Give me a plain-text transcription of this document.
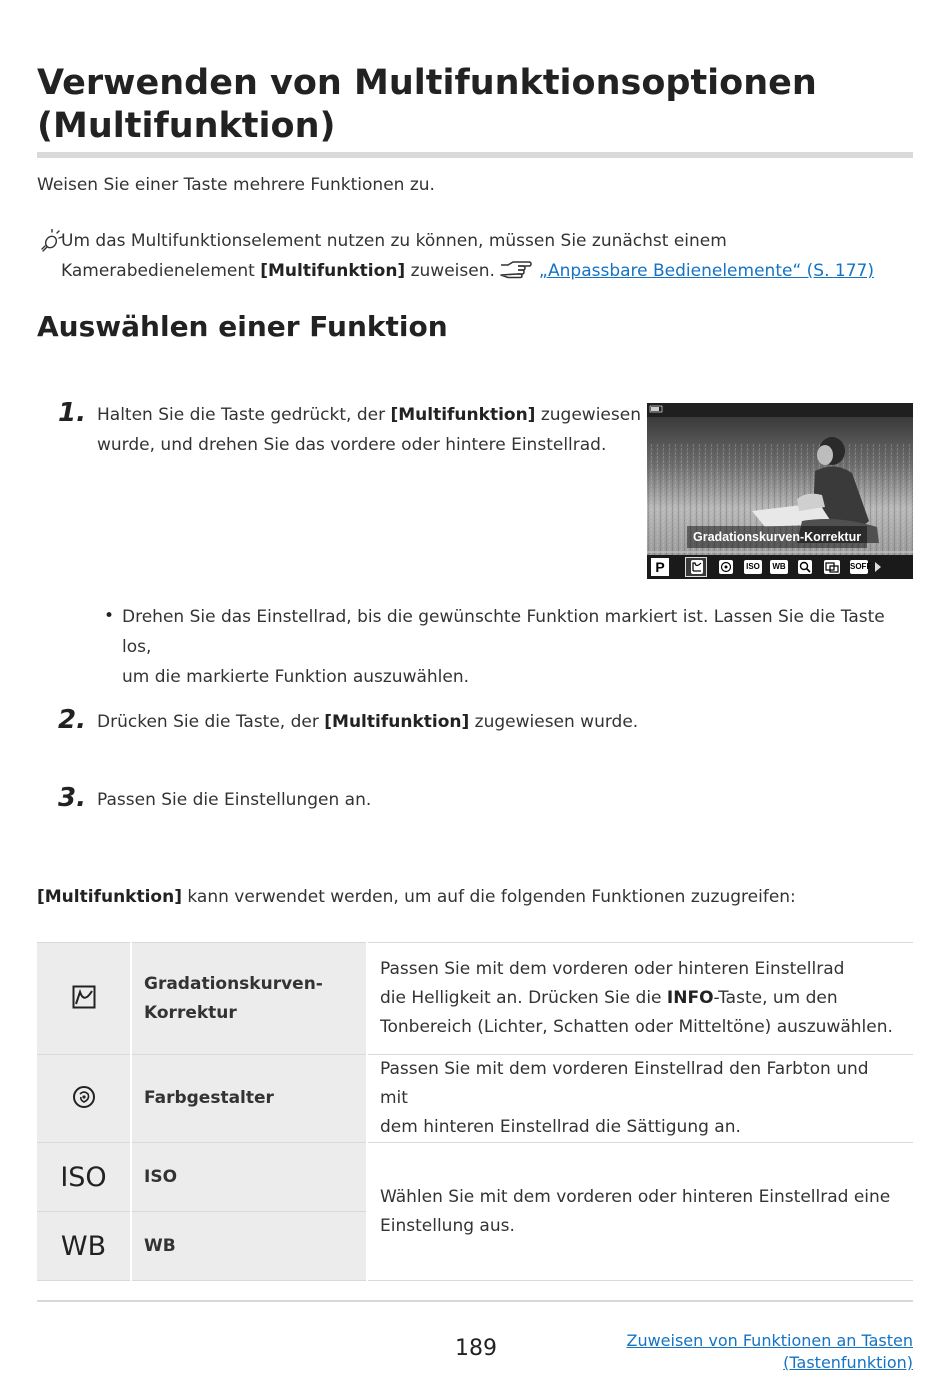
Verwenden von Multifunktionsoptionen
(Multifunktion)

Weisen Sie einer Taste mehrere Funktionen zu.

Um das Multifunktionselement nutzen zu können, müssen Sie zunächst einem
Kamerabedienelement [Multifunktion] zuweisen.	„Anpassbare Bedienelemente“ (S. 177)
Auswählen einer Funktion
1. Halten Sie die Taste gedrückt, der [Multifunktion] zugewiesen
wurde, und drehen Sie das vordere oder hintere Einstellrad.
Gradationskurven-Korrektur
P	ISO WB	SOFF
• Drehen Sie das Einstellrad, bis die gewünschte Funktion markiert ist. Lassen Sie die Taste los,
um die markierte Funktion auszuwählen.
2. Drücken Sie die Taste, der [Multifunktion] zugewiesen wurde.
3. Passen Sie die Einstellungen an.

[Multifunktion] kann verwendet werden, um auf die folgenden Funktionen zuzugreifen:

	Gradationskurven-
Korrektur	Passen Sie mit dem vorderen oder hinteren Einstellrad
die Helligkeit an. Drücken Sie die INFO-Taste, um den
Tonbereich (Lichter, Schatten oder Mitteltöne) auszuwählen.
	Farbgestalter	Passen Sie mit dem vorderen Einstellrad den Farbton und mit
dem hinteren Einstellrad die Sättigung an.
ISO	ISO	Wählen Sie mit dem vorderen oder hinteren Einstellrad eine
Einstellung aus.
WB	WB	
189	Zuweisen von Funktionen an Tasten
(Tastenfunktion)
